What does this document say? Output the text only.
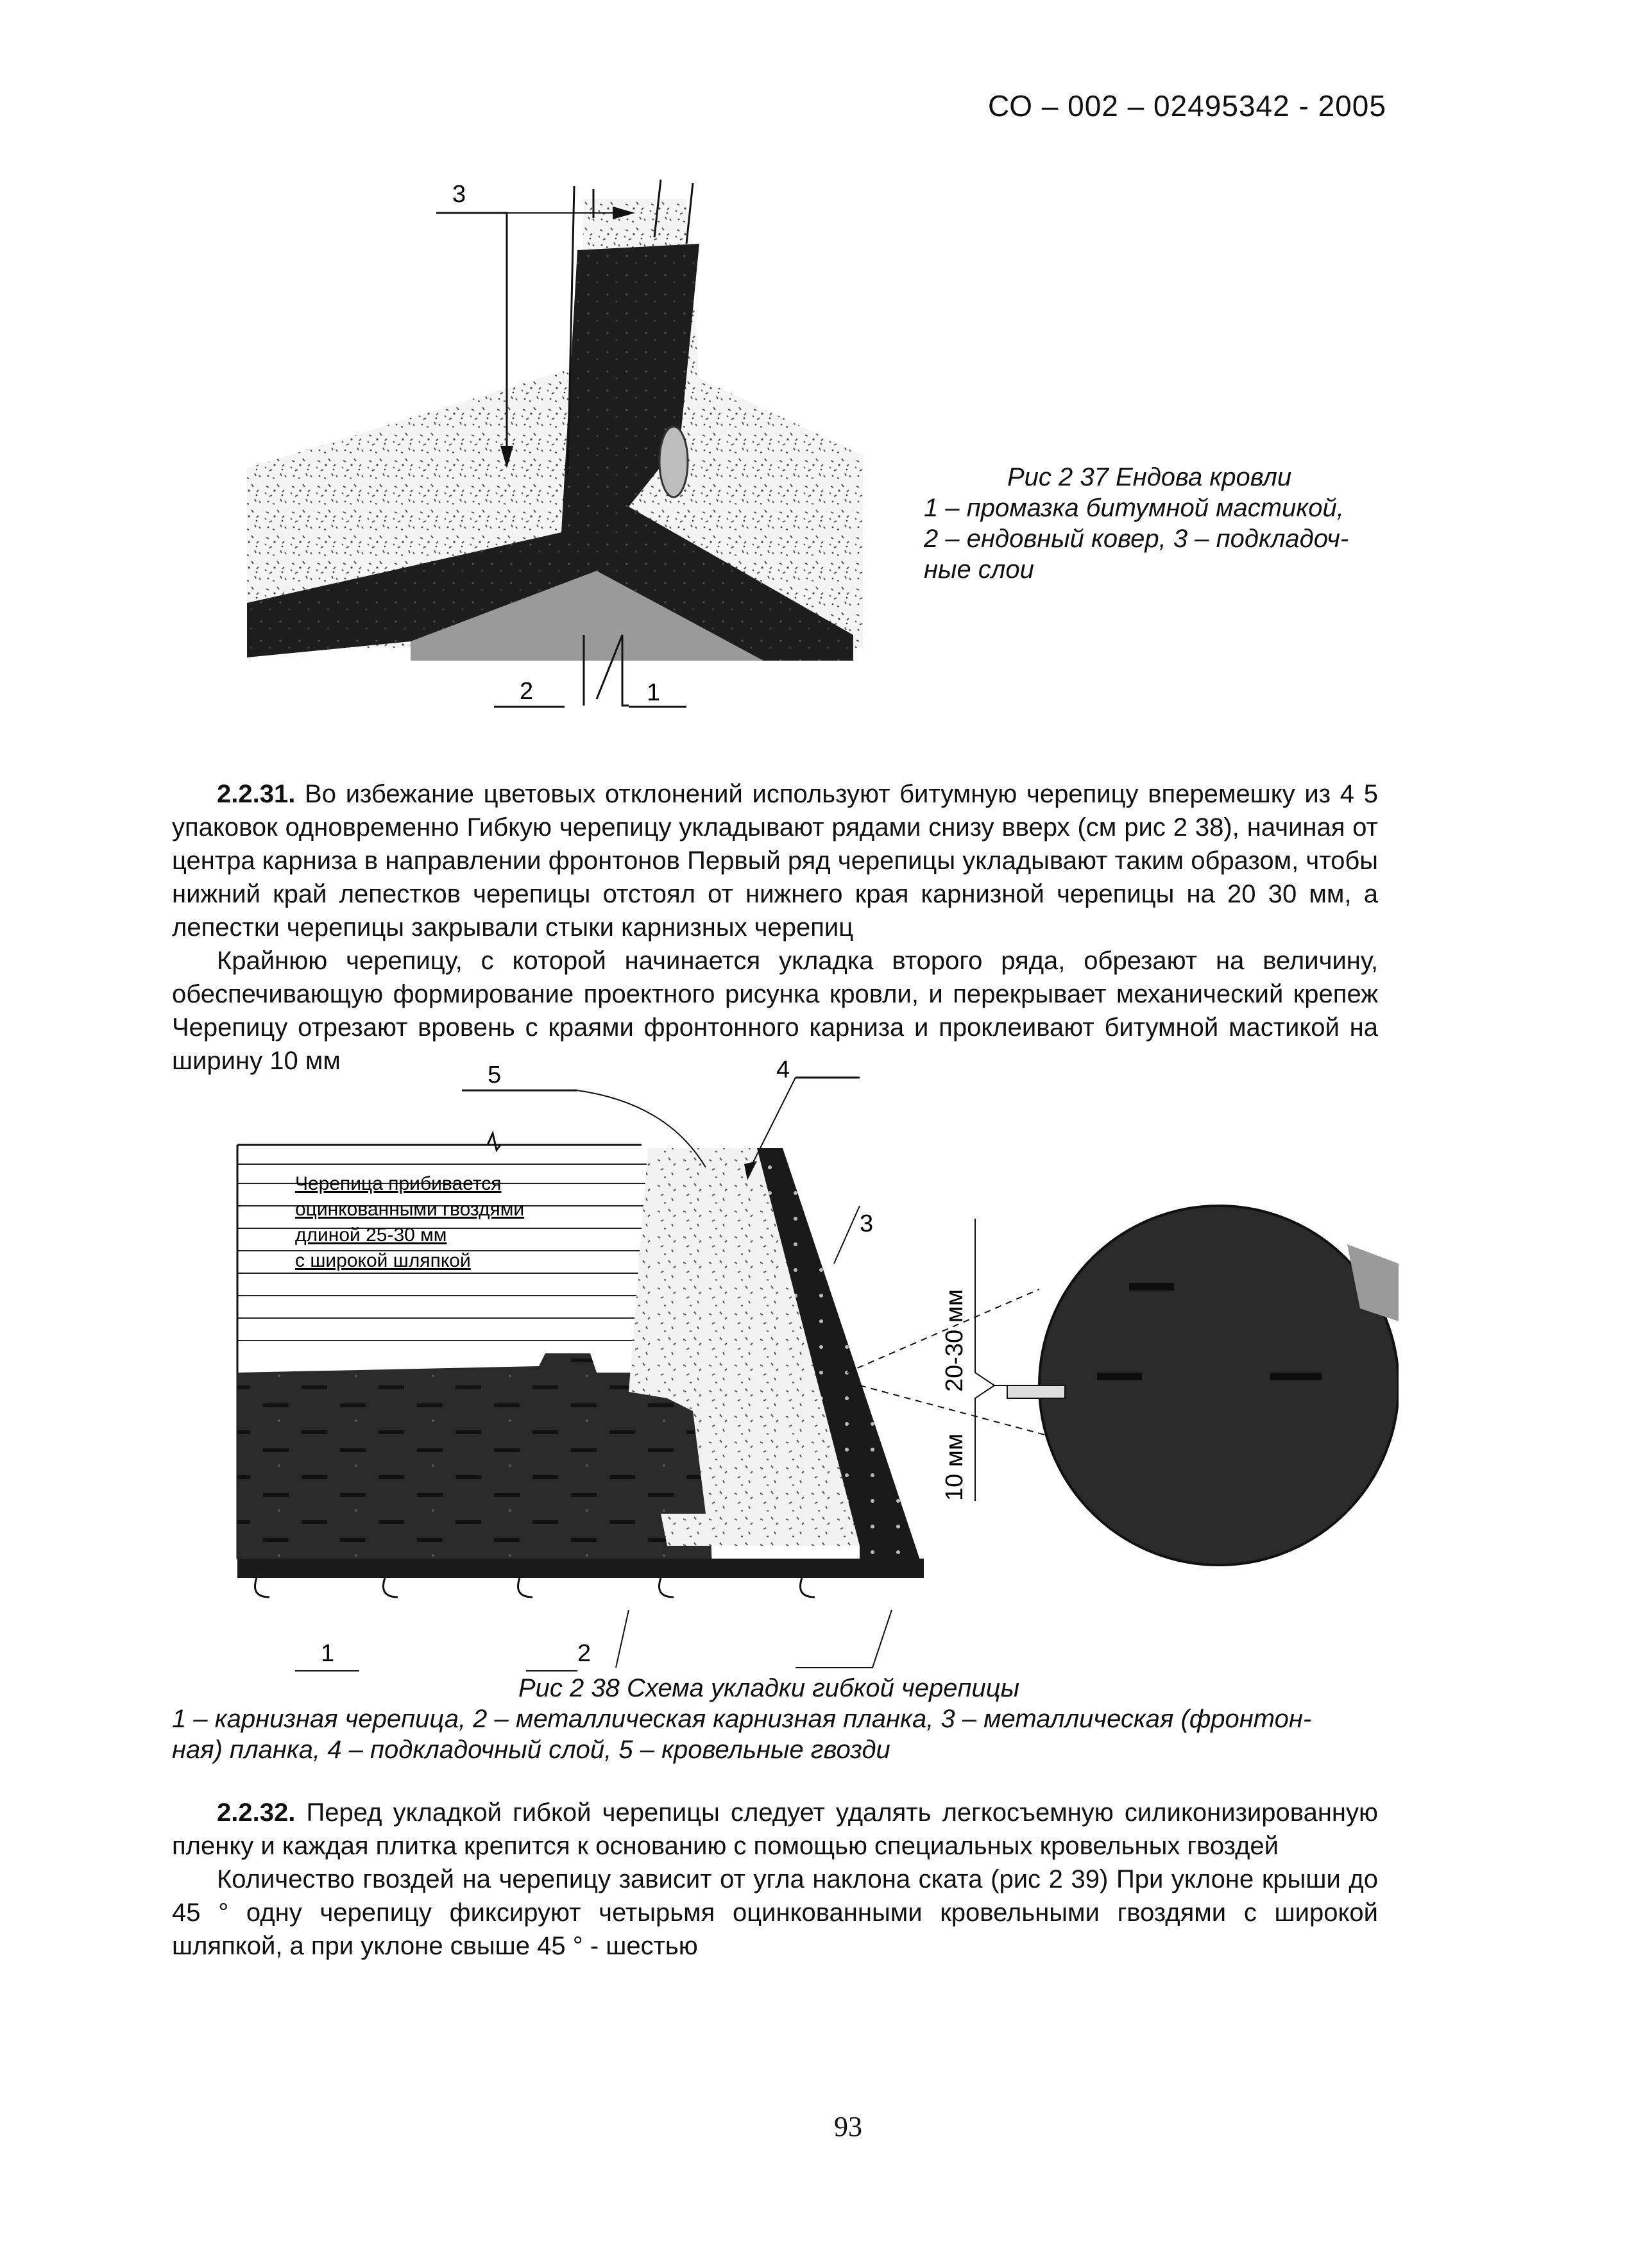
СО – 002 – 02495342 - 2005
3
2	1
Рис 2 37 Ендова кровли
1 – промазка битумной мастикой,
2 – ендовный ковер, 3 – подкладоч-
ные слои

2.2.31. Во избежание цветовых отклонений используют битумную черепицу вперемешку из 4 5 упаковок одновременно Гибкую черепицу укладывают рядами снизу вверх (см рис 2 38), начиная от центра карниза в направлении фронтонов Первый ряд черепицы укладывают таким образом, чтобы нижний край лепестков черепицы отстоял от нижнего края карнизной черепицы на 20 30 мм, а лепестки черепицы закрывали стыки карнизных черепиц

Крайнюю черепицу, с которой начинается укладка второго ряда, обрезают на величину, обеспечивающую формирование проектного рисунка кровли, и перекрывает механический крепеж Черепицу отрезают вровень с краями фронтонного карниза и проклеивают битумной мастикой на ширину 10 мм

Черепица прибивается
оцинкованными гвоздями
длиной 25-30 мм
с широкой шляпкой
1	2
3
4
5
20-30 мм
10 мм
Рис 2 38 Схема укладки гибкой черепицы
1 – карнизная черепица, 2 – металлическая карнизная планка, 3 – металлическая (фронтон-
ная) планка, 4 – подкладочный слой, 5 – кровельные гвозди

2.2.32. Перед укладкой гибкой черепицы следует удалять легкосъемную силиконизированную пленку и каждая плитка крепится к основанию с помощью специальных кровельных гвоздей

Количество гвоздей на черепицу зависит от угла наклона ската (рис 2 39) При уклоне крыши до 45 ° одну черепицу фиксируют четырьмя оцинкованными кровельными гвоздями с широкой шляпкой, а при уклоне свыше 45 ° - шестью

93
